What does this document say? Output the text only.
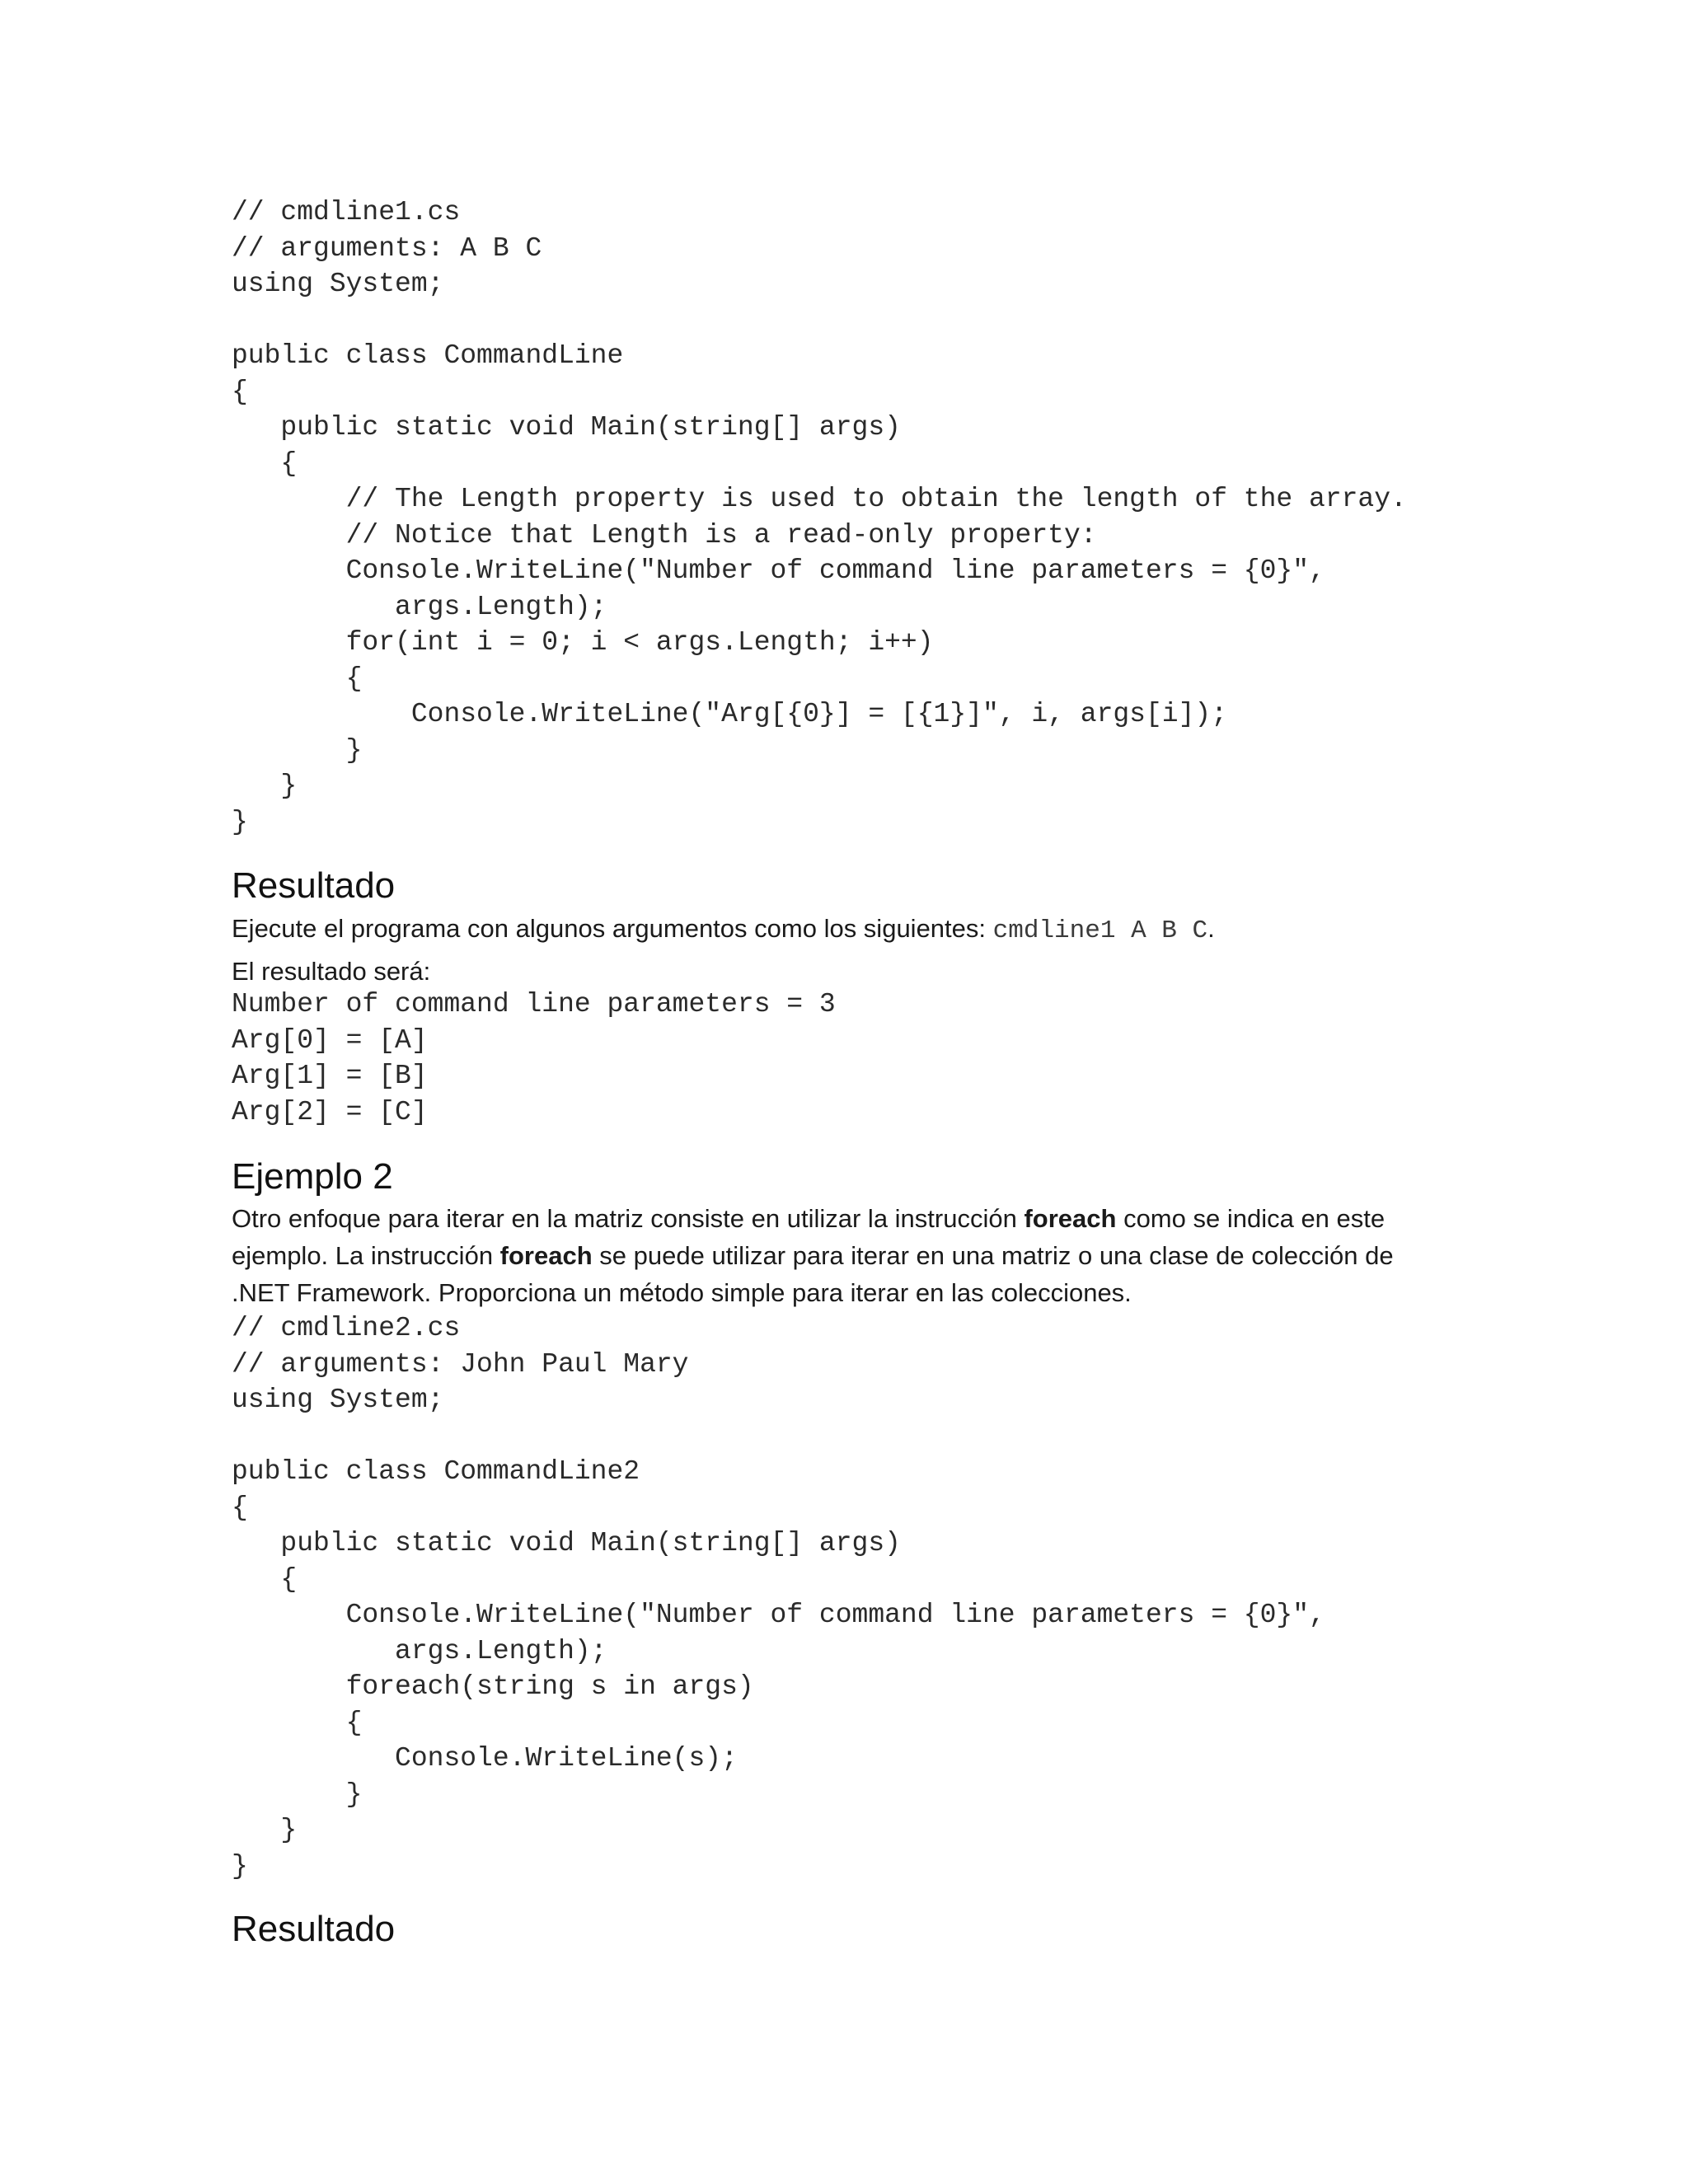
// cmdline1.cs
// arguments: A B C
using System;

public class CommandLine
{
public static void Main(string[] args)
{
// The Length property is used to obtain the length of the array.
// Notice that Length is a read-only property:
Console.WriteLine("Number of command line parameters = {0}",
args.Length);
for(int i = 0; i < args.Length; i++)
{
Console.WriteLine("Arg[{0}] = [{1}]", i, args[i]);
}
}
}
Resultado

Ejecute el programa con algunos argumentos como los siguientes: cmdline1 A B C.

El resultado será:

Number of command line parameters = 3
Arg[0] = [A]
Arg[1] = [B]
Arg[2] = [C]
Ejemplo 2

Otro enfoque para iterar en la matriz consiste en utilizar la instrucción foreach como se indica en este ejemplo. La instrucción foreach se puede utilizar para iterar en una matriz o una clase de colección de .NET Framework. Proporciona un método simple para iterar en las colecciones.

// cmdline2.cs
// arguments: John Paul Mary
using System;

public class CommandLine2
{
public static void Main(string[] args)
{
Console.WriteLine("Number of command line parameters = {0}",
args.Length);
foreach(string s in args)
{
Console.WriteLine(s);
}
}
}
Resultado
